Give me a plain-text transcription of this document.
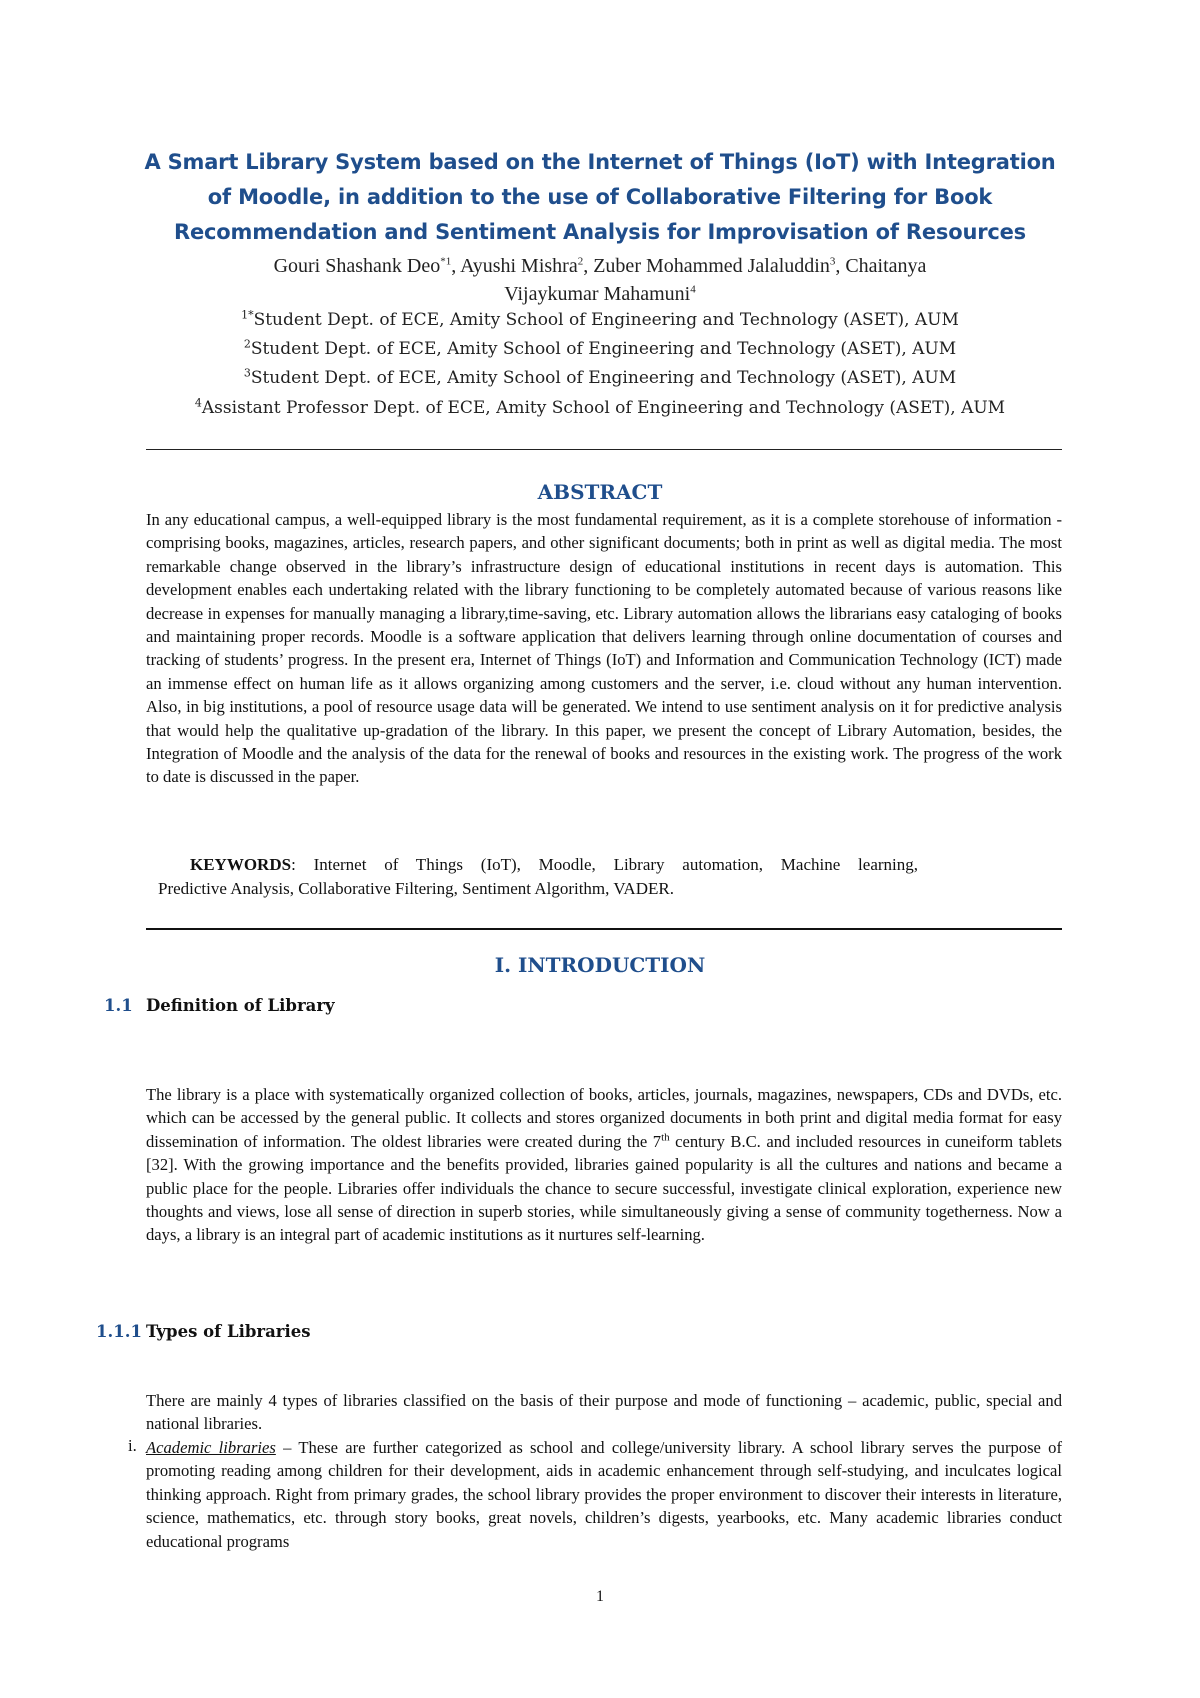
A Smart Library System based on the Internet of Things (IoT) with Integration
of Moodle, in addition to the use of Collaborative Filtering for Book
Recommendation and Sentiment Analysis for Improvisation of Resources
Gouri Shashank Deo$^{*1}$, Ayushi Mishra$^2$, Zuber Mohammed Jalaluddin$^3$, Chaitanya
Vijaykumar Mahamuni$^4$
$^{1*}$Student Dept. of ECE, Amity School of Engineering and Technology (ASET), AUM
$^2$Student Dept. of ECE, Amity School of Engineering and Technology (ASET), AUM
$^3$Student Dept. of ECE, Amity School of Engineering and Technology (ASET), AUM
$^4$Assistant Professor Dept. of ECE, Amity School of Engineering and Technology (ASET), AUM
ABSTRACT
In any educational campus, a well-equipped library is the most fundamental requirement, as it is a complete storehouse of information - comprising books, magazines, articles, research papers, and other significant documents; both in print as well as digital media. The most remarkable change observed in the library’s infrastructure design of educational institutions in recent days is automation. This development enables each undertaking related with the library functioning to be completely automated because of various reasons like decrease in expenses for manually managing a library,time-saving, etc. Library automation allows the librarians easy cataloging of books and maintaining proper records. Moodle is a software application that delivers learning through online documentation of courses and tracking of students’ progress. In the present era, Internet of Things (IoT) and Information and Communication Technology (ICT) made an immense effect on human life as it allows organizing among customers and the server, i.e. cloud without any human intervention. Also, in big institutions, a pool of resource usage data will be generated. We intend to use sentiment analysis on it for predictive analysis that would help the qualitative up-gradation of the library. In this paper, we present the concept of Library Automation, besides, the Integration of Moodle and the analysis of the data for the renewal of books and resources in the existing work. The progress of the work to date is discussed in the paper.
KEYWORDS: Internet of Things (IoT), Moodle, Library automation, Machine learning,
Predictive Analysis, Collaborative Filtering, Sentiment Algorithm, VADER.
I. INTRODUCTION
1.1 Definition of Library
The library is a place with systematically organized collection of books, articles, journals, magazines, newspapers, CDs and DVDs, etc. which can be accessed by the general public. It collects and stores organized documents in both print and digital media format for easy dissemination of information. The oldest libraries were created during the 7th century B.C. and included resources in cuneiform tablets [32]. With the growing importance and the benefits provided, libraries gained popularity is all the cultures and nations and became a public place for the people. Libraries offer individuals the chance to secure successful, investigate clinical exploration, experience new thoughts and views, lose all sense of direction in superb stories, while simultaneously giving a sense of community togetherness. Now a days, a library is an integral part of academic institutions as it nurtures self-learning.
1.1.1 Types of Libraries
There are mainly 4 types of libraries classified on the basis of their purpose and mode of functioning – academic, public, special and national libraries.
i. Academic libraries – These are further categorized as school and college/university library. A school library serves the purpose of promoting reading among children for their development, aids in academic enhancement through self-studying, and inculcates logical thinking approach. Right from primary grades, the school library provides the proper environment to discover their interests in literature, science, mathematics, etc. through story books, great novels, children’s digests, yearbooks, etc. Many academic libraries conduct educational programs
1
